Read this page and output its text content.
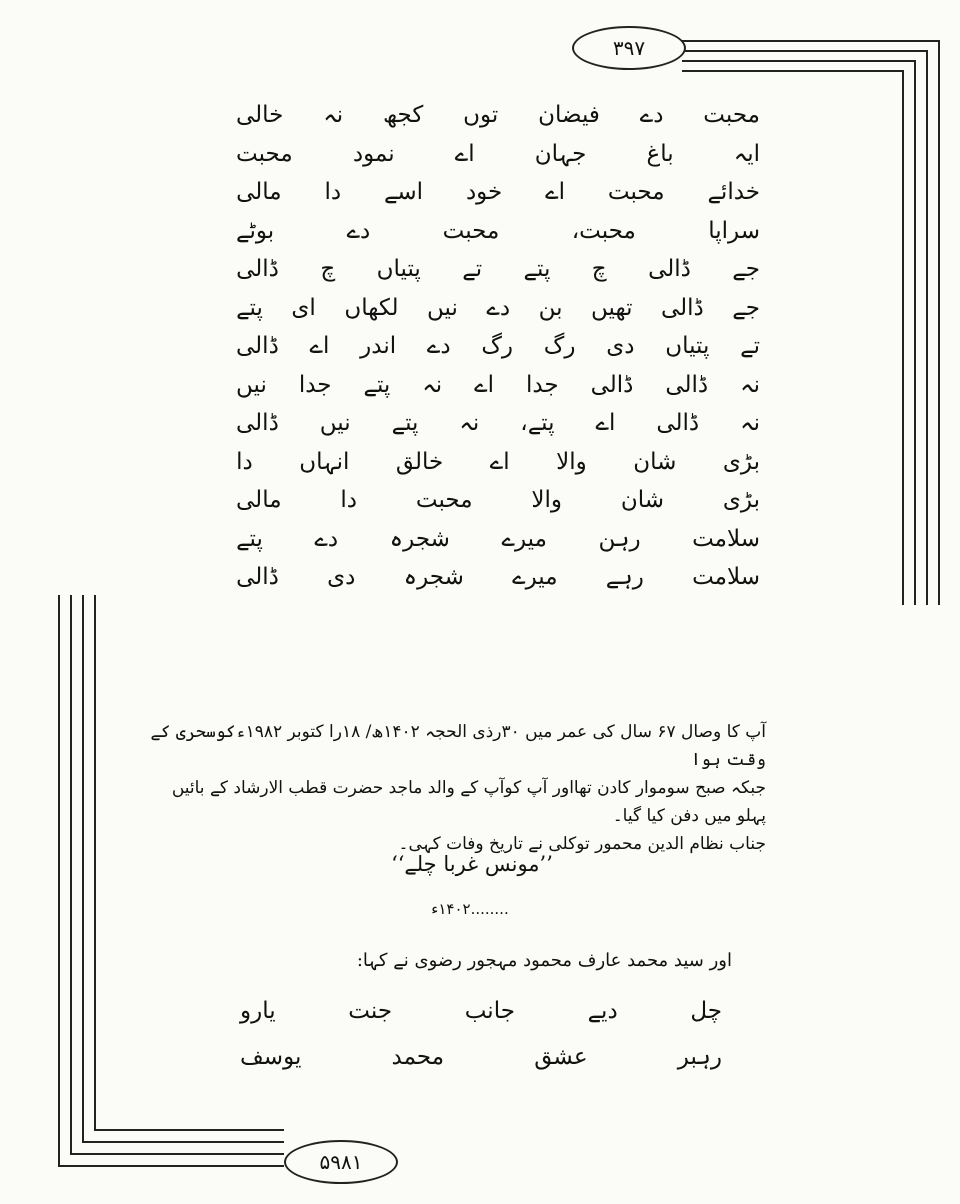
۳۹۷
۵۹۸۱
محبت
دے
فیضان
توں
کجھ
نہ
خالی
ایہ
باغ
جہان
اے
نمود
محبت
خدائے
محبت
اے
خود
اسے
دا
مالی
سراپا
محبت،
محبت
دے
بوٹے
جے
ڈالی
چ
پتے
تے
پتیاں
چ
ڈالی
جے
ڈالی
تھیں
بن
دے
نیں
لکھاں
ای
پتے
تے
پتیاں
دی
رگ
رگ
دے
اندر
اے
ڈالی
نہ
ڈالی
ڈالی
جدا
اے
نہ
پتے
جدا
نیں
نہ
ڈالی
اے
پتے،
نہ
پتے
نیں
ڈالی
بڑی
شان
والا
اے
خالق
انہاں
دا
بڑی
شان
والا
محبت
دا
مالی
سلامت
رہن
میرے
شجرہ
دے
پتے
سلامت
رہے
میرے
شجرہ
دی
ڈالی
آپ کا وصال ۶۷ سال کی عمر میں ۳۰رذی الحجہ ۱۴۰۲ھ/ ۱۸را کتوبر ۱۹۸۲ءکوسحری کے وقت ہوا
جبکہ صبح سوموار کادن تھااور آپ کوآپ کے والد ماجد حضرت قطب الارشاد کے بائیں پہلو میں دفن کیا گیا۔
جناب نظام الدین محمور توکلی نے تاریخ وفات کہی۔
’’مونس غربا چلے‘‘
........۱۴۰۲ء
اور سید محمد عارف محمود مہجور رضوی نے کہا:
چل
دیے
جانب
جنت
یارو
رہبر
عشق
محمد
یوسف
